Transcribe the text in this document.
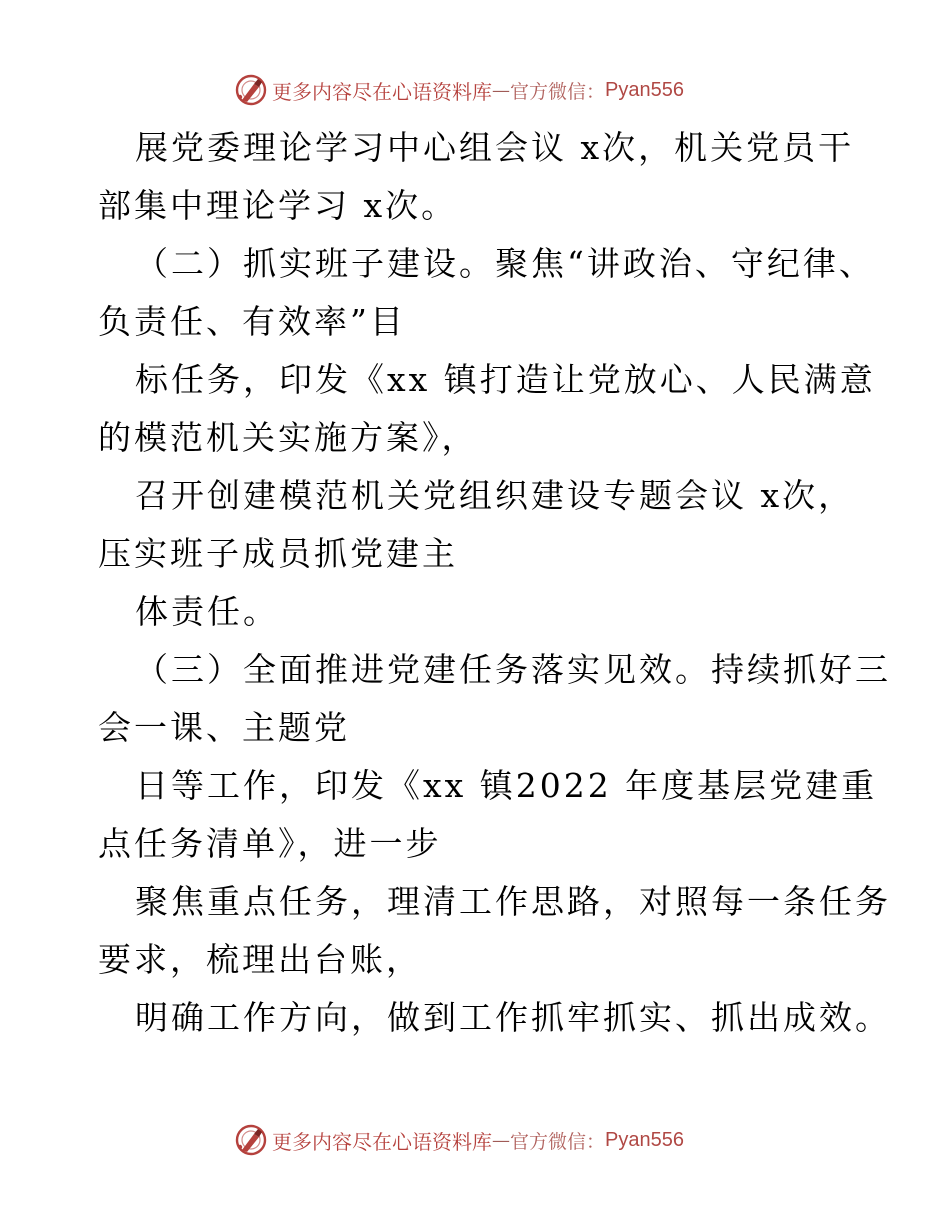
更多内容尽在心语资料库 — 官方微信： Pyan556
展党委理论学习中心组会议 x次，机关党员干
部集中理论学习 x次。
（二）抓实班子建设。聚焦“讲政治、守纪律、
负责任、有效率”目
标任务，印发《xx 镇打造让党放心、人民满意
的模范机关实施方案》，
召开创建模范机关党组织建设专题会议 x次，
压实班子成员抓党建主
体责任。
（三）全面推进党建任务落实见效。持续抓好三
会一课、主题党
日等工作，印发《xx 镇2022 年度基层党建重
点任务清单》，进一步
聚焦重点任务，理清工作思路，对照每一条任务
要求，梳理出台账，
明确工作方向，做到工作抓牢抓实、抓出成效。
更多内容尽在心语资料库 — 官方微信： Pyan556
